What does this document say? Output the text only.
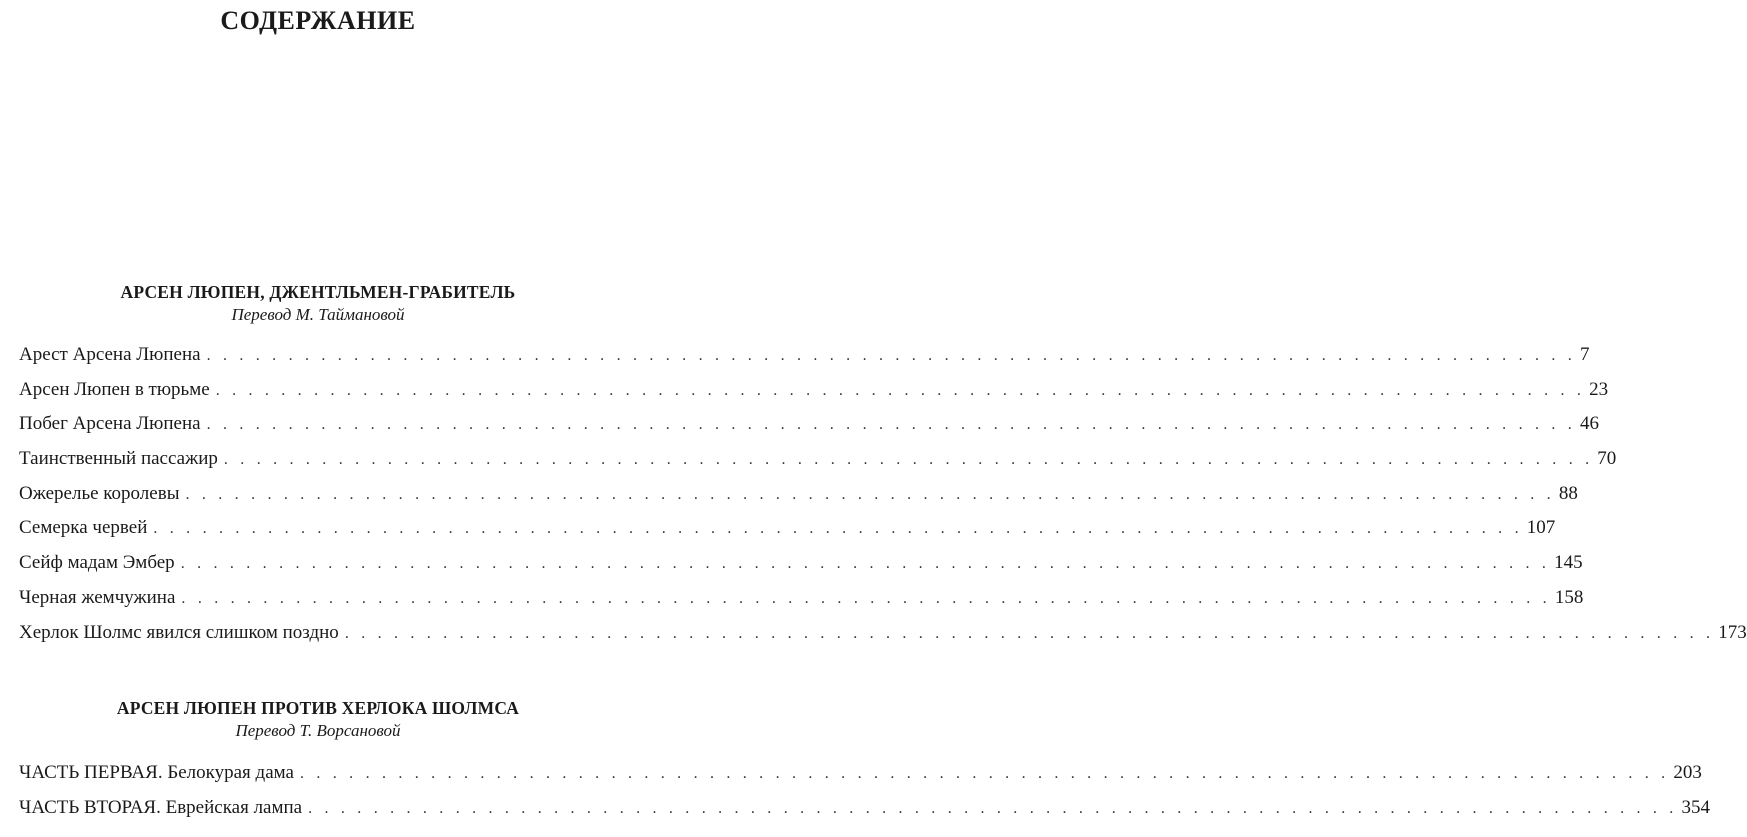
СОДЕРЖАНИЕ

АРСЕН ЛЮПЕН, ДЖЕНТЛЬМЕН-ГРАБИТЕЛЬ

Перевод М. Таймановой

Арест Арсена Люпена . . . . . . . . . . . . . . . . . . . . . . . . . . . . . . . . . . . . . . . . . . . . . . . . . . . . . . . . . . . . . . . . . . . . . . . . . . . . . . . . . . . . 7
Арсен Люпен в тюрьме . . . . . . . . . . . . . . . . . . . . . . . . . . . . . . . . . . . . . . . . . . . . . . . . . . . . . . . . . . . . . . . . . . . . . . . . . . . . . . . . . . . . 23
Побег Арсена Люпена . . . . . . . . . . . . . . . . . . . . . . . . . . . . . . . . . . . . . . . . . . . . . . . . . . . . . . . . . . . . . . . . . . . . . . . . . . . . . . . . . . . . 46
Таинственный пассажир . . . . . . . . . . . . . . . . . . . . . . . . . . . . . . . . . . . . . . . . . . . . . . . . . . . . . . . . . . . . . . . . . . . . . . . . . . . . . . . . . . . . 70
Ожерелье королевы . . . . . . . . . . . . . . . . . . . . . . . . . . . . . . . . . . . . . . . . . . . . . . . . . . . . . . . . . . . . . . . . . . . . . . . . . . . . . . . . . . . . 88
Семерка червей . . . . . . . . . . . . . . . . . . . . . . . . . . . . . . . . . . . . . . . . . . . . . . . . . . . . . . . . . . . . . . . . . . . . . . . . . . . . . . . . . . . . 107
Сейф мадам Эмбер . . . . . . . . . . . . . . . . . . . . . . . . . . . . . . . . . . . . . . . . . . . . . . . . . . . . . . . . . . . . . . . . . . . . . . . . . . . . . . . . . . . . 145
Черная жемчужина . . . . . . . . . . . . . . . . . . . . . . . . . . . . . . . . . . . . . . . . . . . . . . . . . . . . . . . . . . . . . . . . . . . . . . . . . . . . . . . . . . . . 158
Херлок Шолмс явился слишком поздно . . . . . . . . . . . . . . . . . . . . . . . . . . . . . . . . . . . . . . . . . . . . . . . . . . . . . . . . . . . . . . . . . . . . . . . . . . . . . . . . . . . . 173

АРСЕН ЛЮПЕН ПРОТИВ ХЕРЛОКА ШОЛМСА

Перевод Т. Ворсановой

ЧАСТЬ ПЕРВАЯ. Белокурая дама . . . . . . . . . . . . . . . . . . . . . . . . . . . . . . . . . . . . . . . . . . . . . . . . . . . . . . . . . . . . . . . . . . . . . . . . . . . . . . . . . . . . 203
ЧАСТЬ ВТОРАЯ. Еврейская лампа . . . . . . . . . . . . . . . . . . . . . . . . . . . . . . . . . . . . . . . . . . . . . . . . . . . . . . . . . . . . . . . . . . . . . . . . . . . . . . . . . . . . 354
